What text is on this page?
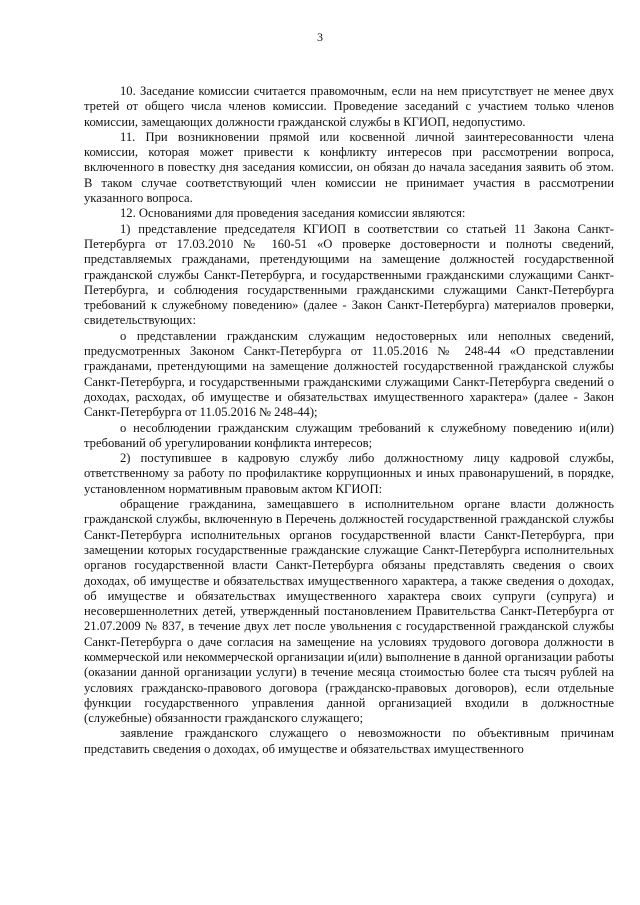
3

10. Заседание комиссии считается правомочным, если на нем присутствует не менее двух третей от общего числа членов комиссии. Проведение заседаний с участием только членов комиссии, замещающих должности гражданской службы в КГИОП, недопустимо.

11. При возникновении прямой или косвенной личной заинтересованности члена комиссии, которая может привести к конфликту интересов при рассмотрении вопроса, включенного в повестку дня заседания комиссии, он обязан до начала заседания заявить об этом. В таком случае соответствующий член комиссии не принимает участия в рассмотрении указанного вопроса.

12. Основаниями для проведения заседания комиссии являются:

1) представление председателя КГИОП в соответствии со статьей 11 Закона Санкт-Петербурга от 17.03.2010 № 160-51 «О проверке достоверности и полноты сведений, представляемых гражданами, претендующими на замещение должностей государственной гражданской службы Санкт-Петербурга, и государственными гражданскими служащими Санкт-Петербурга, и соблюдения государственными гражданскими служащими Санкт-Петербурга требований к служебному поведению» (далее - Закон Санкт-Петербурга) материалов проверки, свидетельствующих:

о представлении гражданским служащим недостоверных или неполных сведений, предусмотренных Законом Санкт-Петербурга от 11.05.2016 № 248-44 «О представлении гражданами, претендующими на замещение должностей государственной гражданской службы Санкт-Петербурга, и государственными гражданскими служащими Санкт-Петербурга сведений о доходах, расходах, об имуществе и обязательствах имущественного характера» (далее - Закон Санкт-Петербурга от 11.05.2016 № 248-44);

о несоблюдении гражданским служащим требований к служебному поведению и(или) требований об урегулировании конфликта интересов;

2) поступившее в кадровую службу либо должностному лицу кадровой службы, ответственному за работу по профилактике коррупционных и иных правонарушений, в порядке, установленном нормативным правовым актом КГИОП:

обращение гражданина, замещавшего в исполнительном органе власти должность гражданской службы, включенную в Перечень должностей государственной гражданской службы Санкт-Петербурга исполнительных органов государственной власти Санкт-Петербурга, при замещении которых государственные гражданские служащие Санкт-Петербурга исполнительных органов государственной власти Санкт-Петербурга обязаны представлять сведения о своих доходах, об имуществе и обязательствах имущественного характера, а также сведения о доходах, об имуществе и обязательствах имущественного характера своих супруги (супруга) и несовершеннолетних детей, утвержденный постановлением Правительства Санкт-Петербурга от 21.07.2009 № 837, в течение двух лет после увольнения с государственной гражданской службы Санкт-Петербурга о даче согласия на замещение на условиях трудового договора должности в коммерческой или некоммерческой организации и(или) выполнение в данной организации работы (оказании данной организации услуги) в течение месяца стоимостью более ста тысяч рублей на условиях гражданско-правового договора (гражданско-правовых договоров), если отдельные функции государственного управления данной организацией входили в должностные (служебные) обязанности гражданского служащего;

заявление гражданского служащего о невозможности по объективным причинам представить сведения о доходах, об имуществе и обязательствах имущественного
